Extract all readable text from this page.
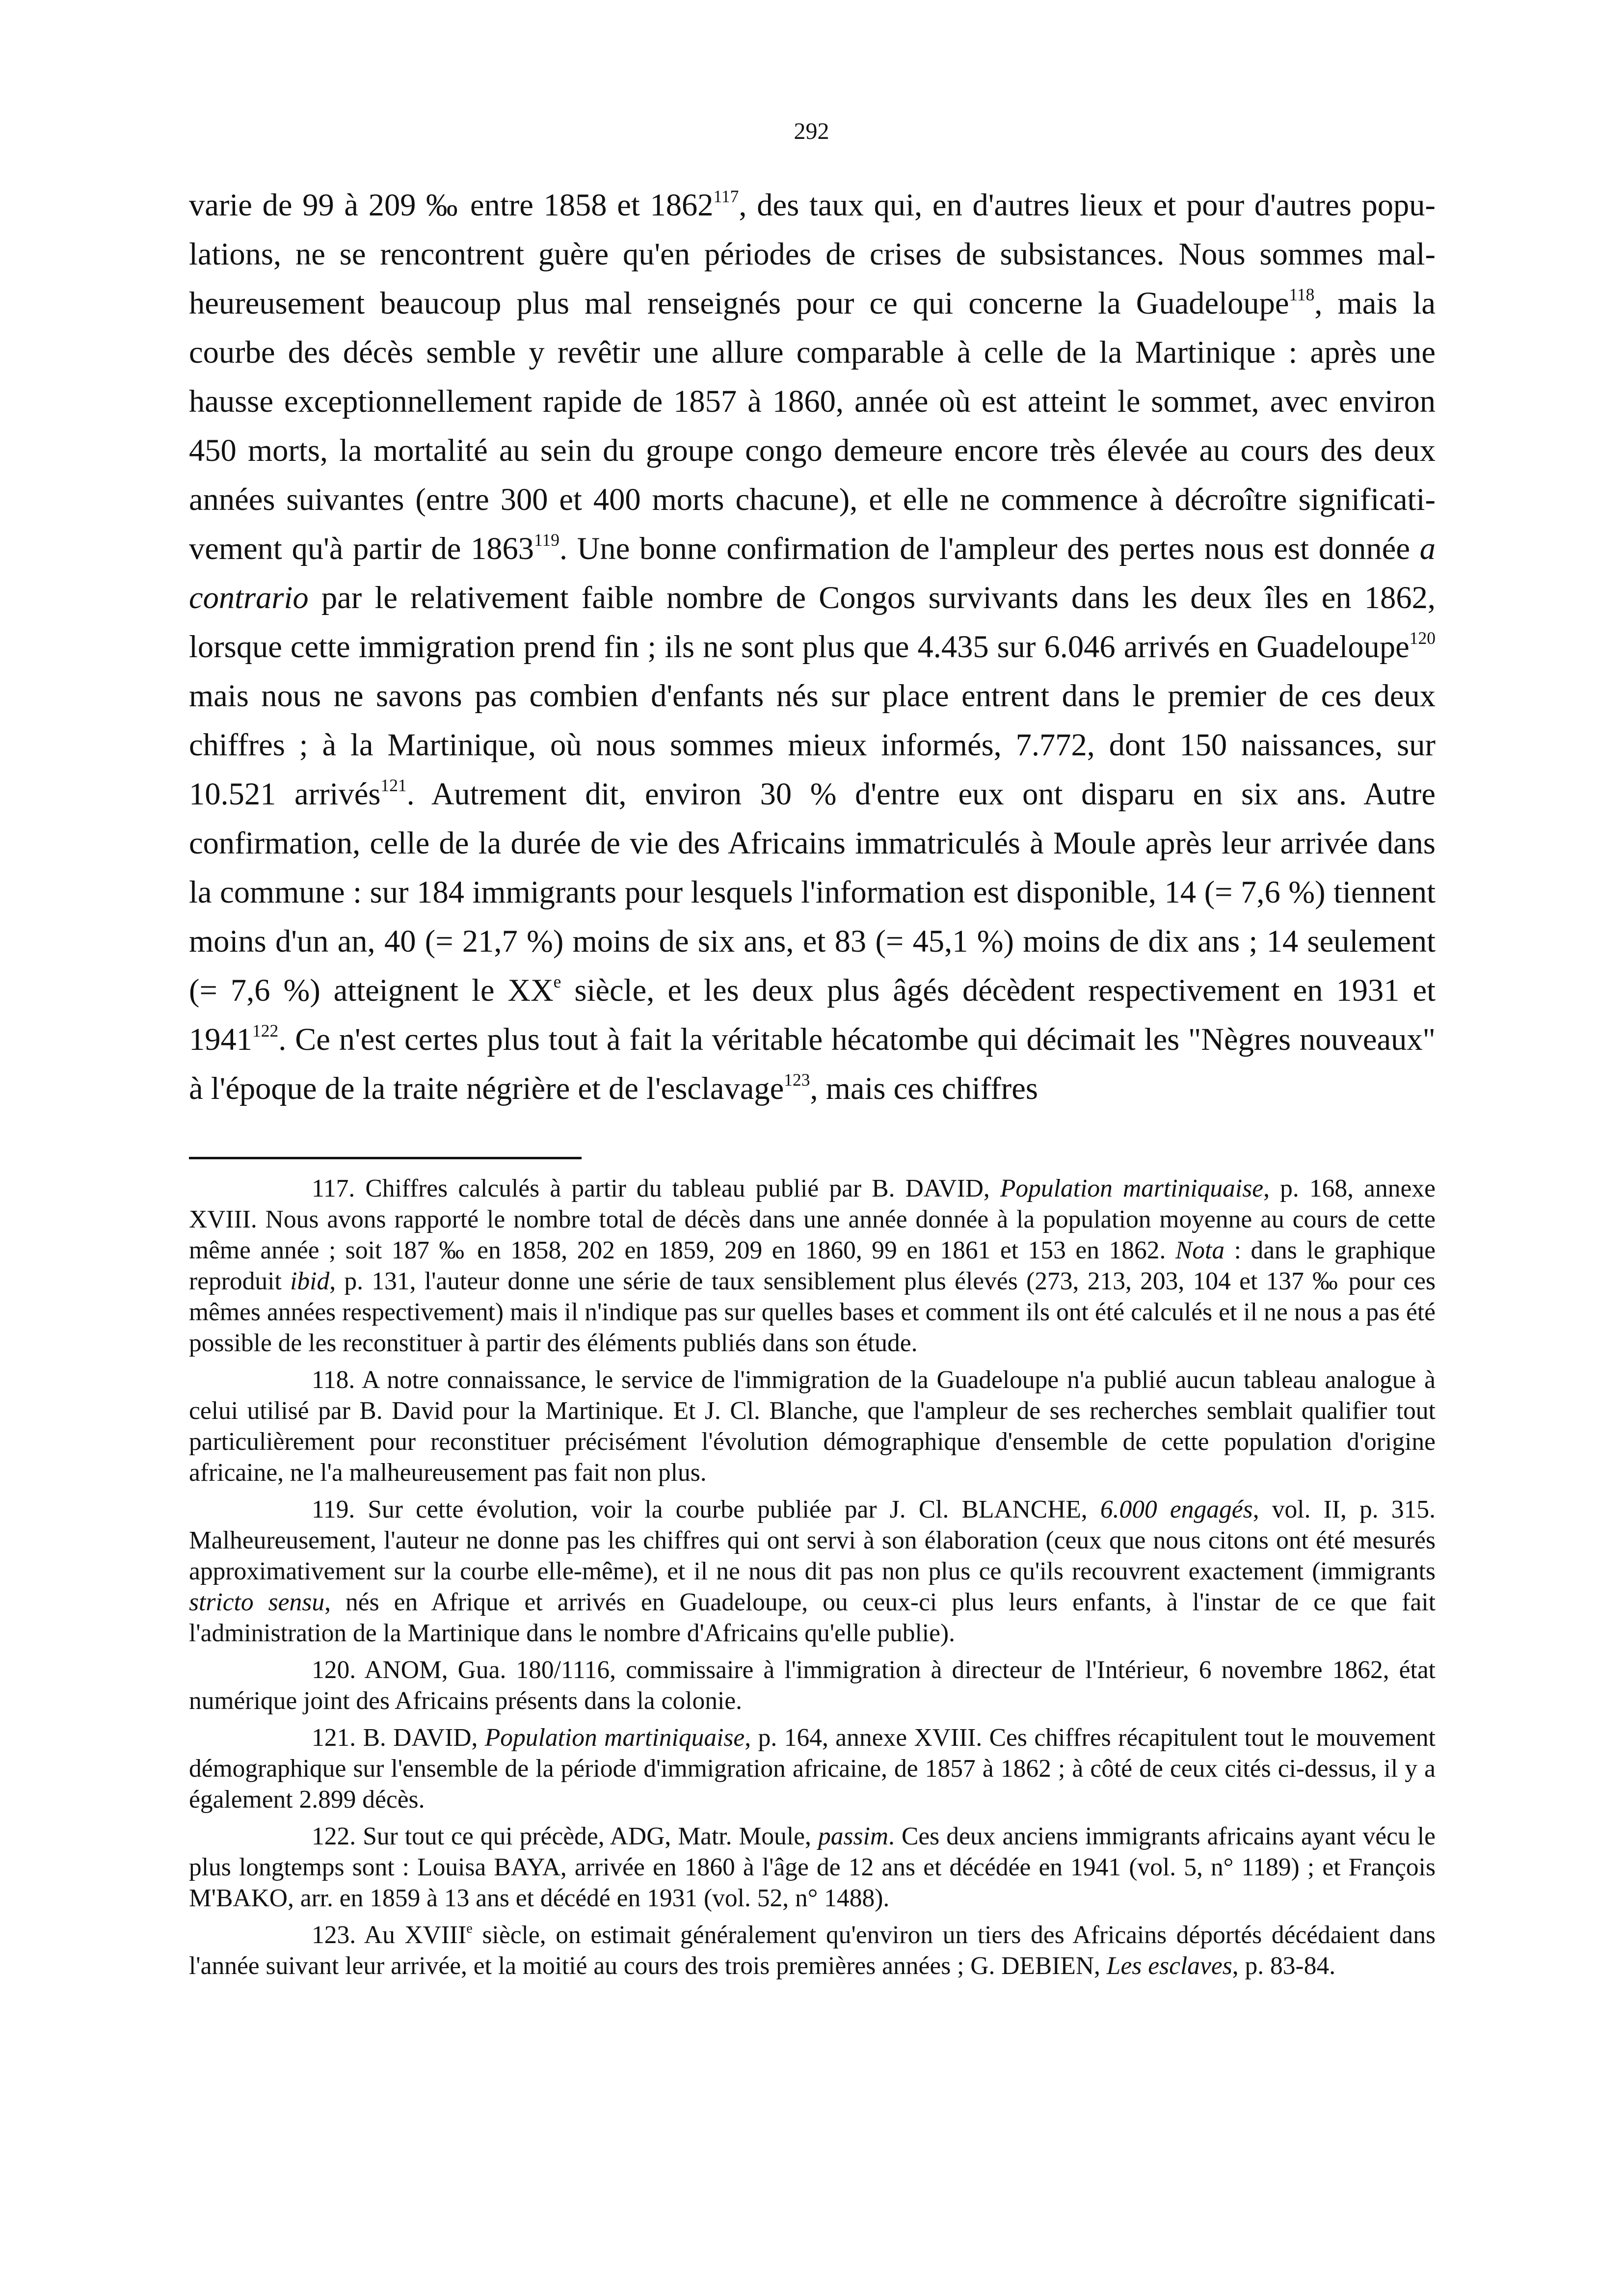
292

varie de 99 à 209 ‰ entre 1858 et 1862$^{117}$, des taux qui, en d'autres lieux et pour d'autres populations, ne se rencontrent guère qu'en périodes de crises de subsistances. Nous sommes malheureusement beaucoup plus mal renseignés pour ce qui concerne la Guadeloupe$^{118}$, mais la courbe des décès semble y revêtir une allure comparable à celle de la Martinique : après une hausse exceptionnellement rapide de 1857 à 1860, année où est atteint le sommet, avec environ 450 morts, la mortalité au sein du groupe congo demeure encore très élevée au cours des deux années suivantes (entre 300 et 400 morts chacune), et elle ne commence à décroître significativement qu'à partir de 1863$^{119}$. Une bonne confirmation de l'ampleur des pertes nous est donnée a contrario par le relativement faible nombre de Congos survivants dans les deux îles en 1862, lorsque cette immigration prend fin ; ils ne sont plus que 4.435 sur 6.046 arrivés en Guadeloupe$^{120}$ mais nous ne savons pas combien d'enfants nés sur place entrent dans le premier de ces deux chiffres ; à la Martinique, où nous sommes mieux informés, 7.772, dont 150 naissances, sur 10.521 arrivés$^{121}$. Autrement dit, environ 30 % d'entre eux ont disparu en six ans. Autre confirmation, celle de la durée de vie des Africains immatriculés à Moule après leur arrivée dans la commune : sur 184 immigrants pour lesquels l'information est disponible, 14 (= 7,6 %) tiennent moins d'un an, 40 (= 21,7 %) moins de six ans, et 83 (= 45,1 %) moins de dix ans ; 14 seulement (= 7,6 %) atteignent le XXe siècle, et les deux plus âgés décèdent respectivement en 1931 et 1941$^{122}$. Ce n'est certes plus tout à fait la véritable hécatombe qui décimait les "Nègres nouveaux" à l'époque de la traite négrière et de l'esclavage$^{123}$, mais ces chiffres

117. Chiffres calculés à partir du tableau publié par B. DAVID, Population martiniquaise, p. 168, annexe XVIII. Nous avons rapporté le nombre total de décès dans une année donnée à la population moyenne au cours de cette même année ; soit 187 ‰ en 1858, 202 en 1859, 209 en 1860, 99 en 1861 et 153 en 1862. Nota : dans le graphique reproduit ibid, p. 131, l'auteur donne une série de taux sensiblement plus élevés (273, 213, 203, 104 et 137 ‰ pour ces mêmes années respectivement) mais il n'indique pas sur quelles bases et comment ils ont été calculés et il ne nous a pas été possible de les reconstituer à partir des éléments publiés dans son étude.

118. A notre connaissance, le service de l'immigration de la Guadeloupe n'a publié aucun tableau analogue à celui utilisé par B. David pour la Martinique. Et J. Cl. Blanche, que l'ampleur de ses recherches semblait qualifier tout particulièrement pour reconstituer précisément l'évolution démographique d'ensemble de cette population d'origine africaine, ne l'a malheureusement pas fait non plus.

119. Sur cette évolution, voir la courbe publiée par J. Cl. BLANCHE, 6.000 engagés, vol. II, p. 315. Malheureusement, l'auteur ne donne pas les chiffres qui ont servi à son élaboration (ceux que nous citons ont été mesurés approximativement sur la courbe elle-même), et il ne nous dit pas non plus ce qu'ils recouvrent exactement (immigrants stricto sensu, nés en Afrique et arrivés en Guadeloupe, ou ceux-ci plus leurs enfants, à l'instar de ce que fait l'administration de la Martinique dans le nombre d'Africains qu'elle publie).

120. ANOM, Gua. 180/1116, commissaire à l'immigration à directeur de l'Intérieur, 6 novembre 1862, état numérique joint des Africains présents dans la colonie.

121. B. DAVID, Population martiniquaise, p. 164, annexe XVIII. Ces chiffres récapitulent tout le mouvement démographique sur l'ensemble de la période d'immigration africaine, de 1857 à 1862 ; à côté de ceux cités ci-dessus, il y a également 2.899 décès.

122. Sur tout ce qui précède, ADG, Matr. Moule, passim. Ces deux anciens immigrants africains ayant vécu le plus longtemps sont : Louisa BAYA, arrivée en 1860 à l'âge de 12 ans et décédée en 1941 (vol. 5, n° 1189) ; et François M'BAKO, arr. en 1859 à 13 ans et décédé en 1931 (vol. 52, n° 1488).

123. Au XVIIIe siècle, on estimait généralement qu'environ un tiers des Africains déportés décédaient dans l'année suivant leur arrivée, et la moitié au cours des trois premières années ; G. DEBIEN, Les esclaves, p. 83-84.
